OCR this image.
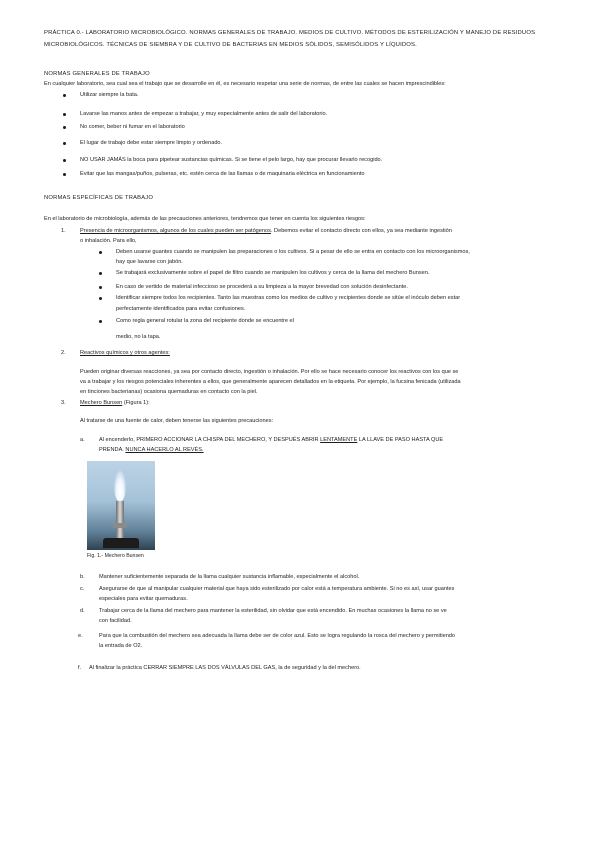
PRÁCTICA 0.- LABORATORIO MICROBIOLÓGICO. NORMAS GENERALES DE TRABAJO. MEDIOS DE CULTIVO. MÉTODOS DE ESTERILIZACIÓN Y MANEJO DE RESIDUOS MICROBIOLÓGICOS. TÉCNICAS DE SIEMBRA Y DE CULTIVO DE BACTERIAS EN MEDIOS SÓLIDOS, SEMISÓLIDOS Y LÍQUIDOS.
NORMAS GENERALES DE TRABAJO
En cualquier laboratorio, sea cual sea el trabajo que se desarrolle en él, es necesario respetar una serie de normas, de entre las cuales se hacen imprescindibles:
Utilizar siempre la bata.
Lavarse las manos antes de empezar a trabajar, y muy especialmente antes de salir del laboratorio.
No comer, beber ni fumar en el laboratorio
El lugar de trabajo debe estar siempre limpio y ordenado.
NO USAR JAMÁS la boca para pipetear sustancias químicas. Si se tiene el pelo largo, hay que procurar llevarlo recogido.
Evitar que las mangas/puños, pulseras, etc. estén cerca de las llamas o de maquinaria eléctrica en funcionamiento
NORMAS ESPECÍFICAS DE TRABAJO
En el laboratorio de microbiología, además de las precauciones anteriores, tendremos que tener en cuenta los siguientes riesgos:
1.	Presencia de microorganismos, algunos de los cuales pueden ser patógenos. Debemos evitar el contacto directo con ellos, ya sea mediante ingestión
o inhalación. Para ello,
Deben usarse guantes cuando se manipulen las preparaciones o los cultivos. Si a pesar de ello se entra en contacto con los microorganismos,
hay que lavarse con jabón.
Se trabajará exclusivamente sobre el papel de filtro cuando se manipulen los cultivos y cerca de la llama del mechero Bunsen.
En caso de vertido de material infeccioso se procederá a su limpieza a la mayor brevedad con solución desinfectante.
Identificar siempre todos los recipientes. Tanto las muestras como los medios de cultivo y recipientes donde se sitúe el inóculo deben estar
perfectamente identificados para evitar confusiones.
Como regla general rotular la zona del recipiente donde se encuentre el
medio, no la tapa.
2.	Reactivos químicos y otros agentes:
Pueden originar diversas reacciones, ya sea por contacto directo, ingestión o inhalación. Por ello se hace necesario conocer los reactivos con los que se
va a trabajar y los riesgos potenciales inherentes a ellos, que generalmente aparecen detallados en la etiqueta. Por ejemplo, la fucsina fenicada (utilizada
en tinciones bacterianas) ocasiona quemaduras en contacto con la piel.
3.	Mechero Bunsen (Figura 1):
Al tratarse de una fuente de calor, deben tenerse las siguientes precauciones:
a.	Al encenderlo, PRIMERO ACCIONAR LA CHISPA DEL MECHERO, Y DESPUÉS ABRIR LENTAMENTE LA LLAVE DE PASO HASTA QUE
PRENDA. NUNCA HACERLO AL REVÉS.
Fig. 1.- Mechero Bunsen
b.	Mantener suficientemente separada de la llama cualquier sustancia inflamable, especialmente el alcohol.
c.	Asegurarse de que al manipular cualquier material que haya sido esterilizado por calor está a temperatura ambiente. Si no es así, usar guantes
especiales para evitar quemaduras.
d.	Trabajar cerca de la llama del mechero para mantener la esterilidad, sin olvidar que está encendido. En muchas ocasiones la llama no se ve
con facilidad.
e.	Para que la combustión del mechero sea adecuada la llama debe ser de color azul. Esto se logra regulando la rosca del mechero y permitiendo
la entrada de O2.
f. Al finalizar la práctica CERRAR SIEMPRE LAS DOS VÁLVULAS DEL GAS, la de seguridad y la del mechero.
